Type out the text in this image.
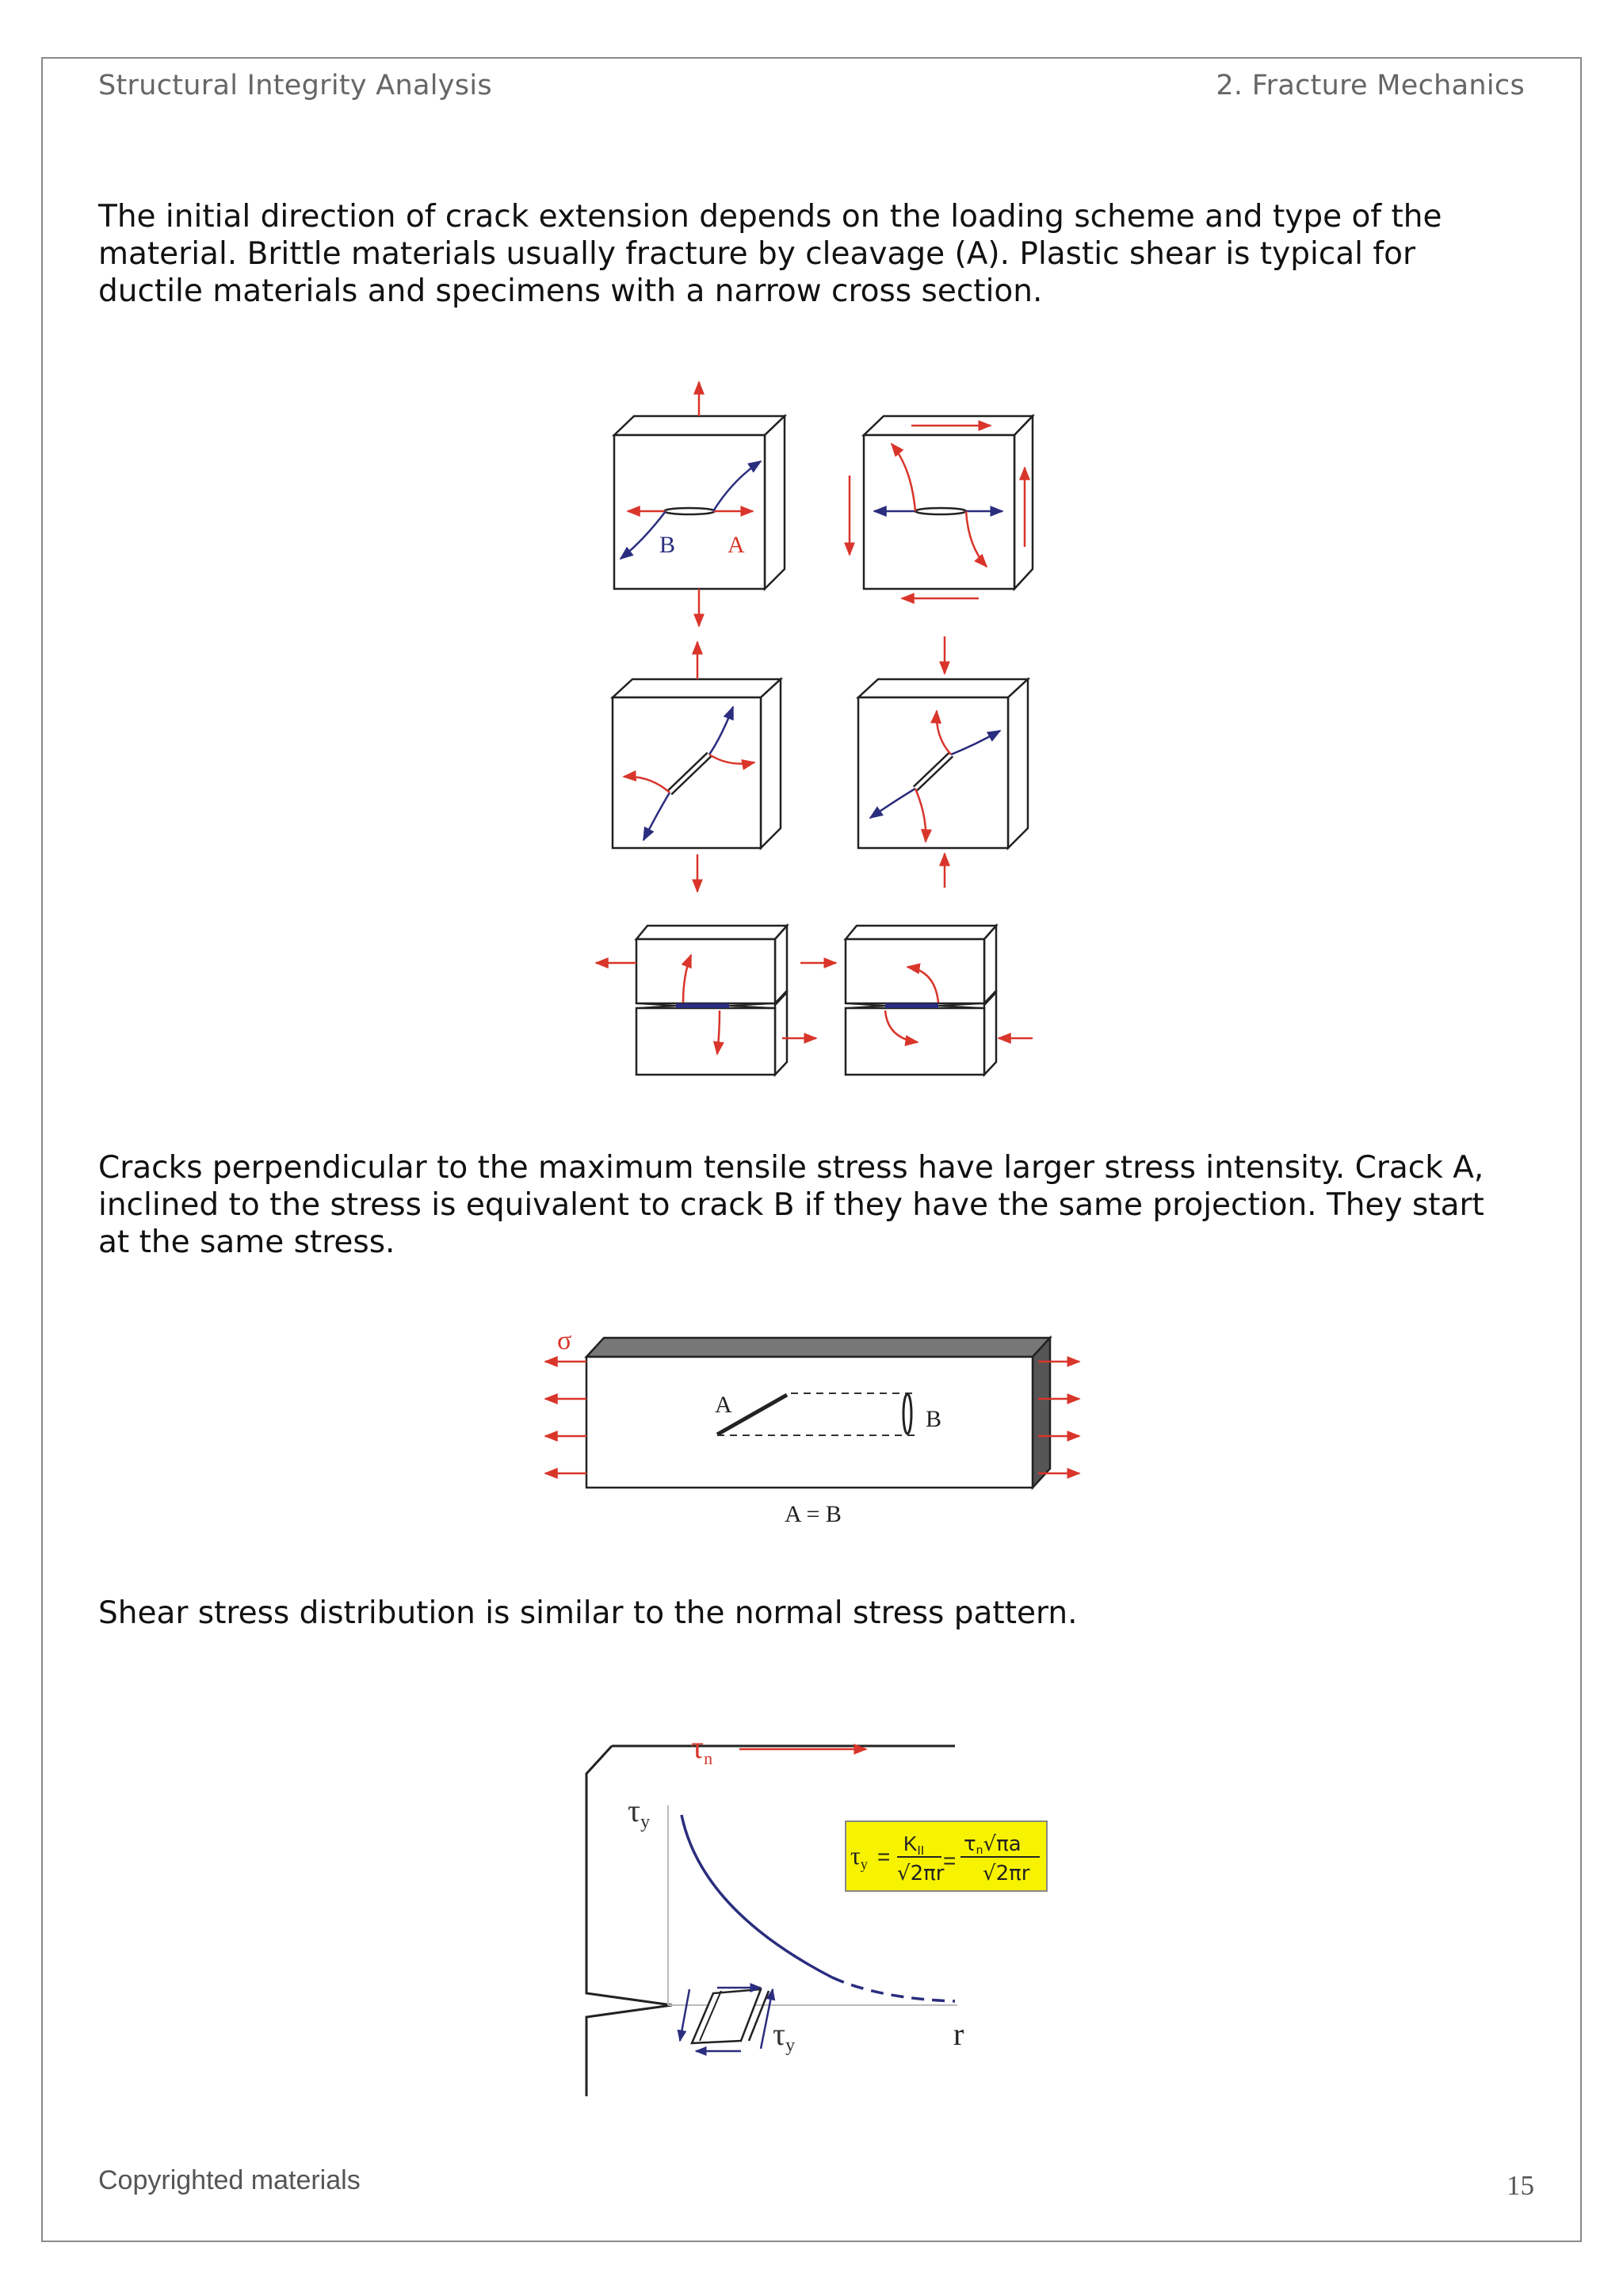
Structural Integrity Analysis	2. Fracture Mechanics

The initial direction of crack extension depends on the loading scheme and type of the material. Brittle materials usually fracture by cleavage (A). Plastic shear is typical for ductile materials and specimens with a narrow cross section.

B A

Cracks perpendicular to the maximum tensile stress have larger stress intensity. Crack A, inclined to the stress is equivalent to crack B if they have the same projection. They start at the same stress.

σ
A
B
A = B

Shear stress distribution is similar to the normal stress pattern.

$\tau_n$
$\tau_y$
$\tau_y$	r
τy =
KII
√2πr
=
τn√πa
√2πr
Copyrighted materials	15
